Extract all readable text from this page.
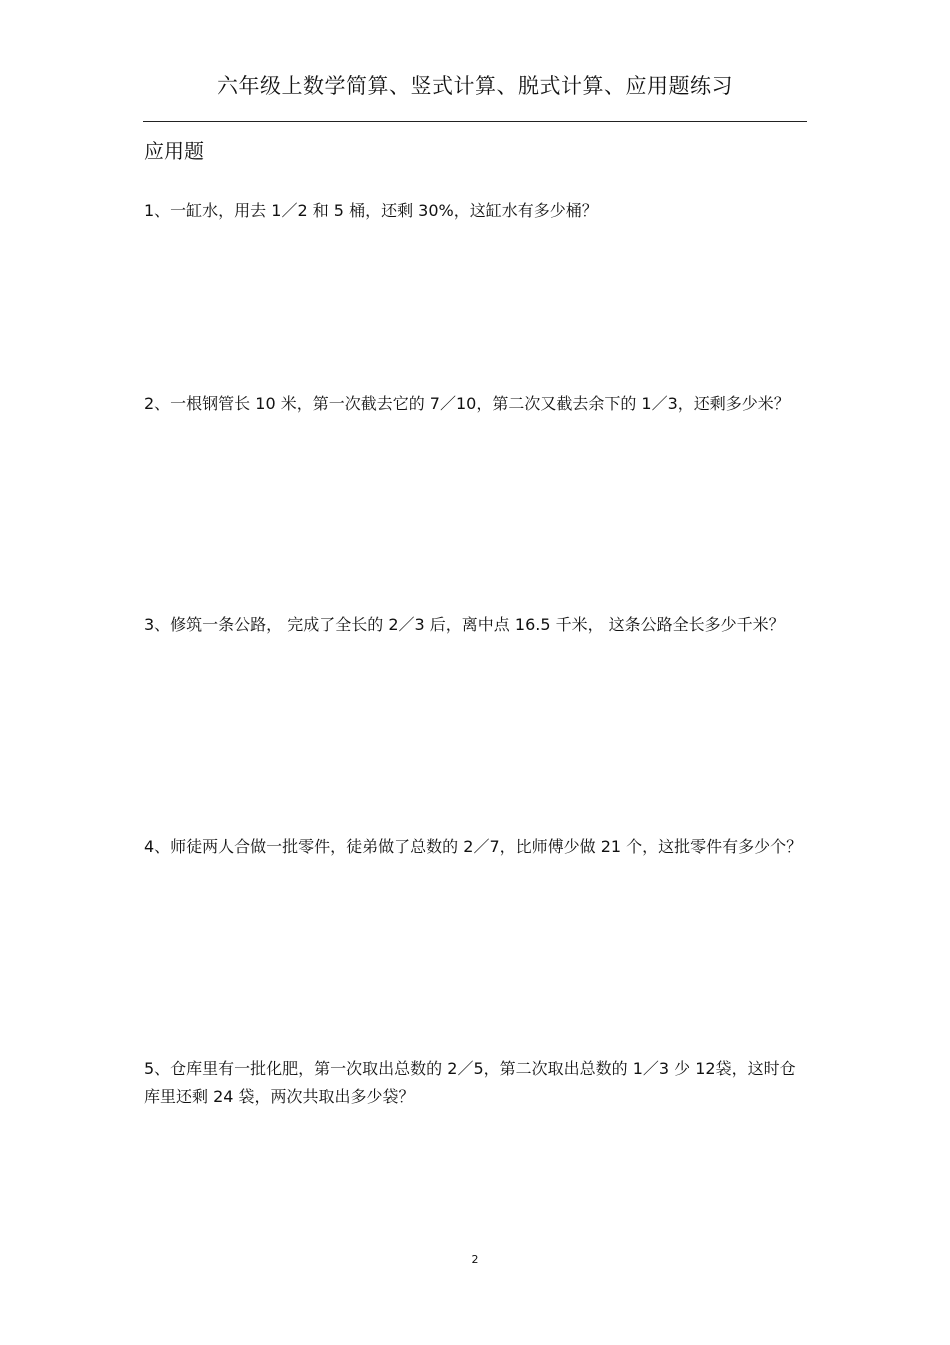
六年级上数学简算、竖式计算、脱式计算、应用题练习
应用题
1、一缸水，用去 1／2 和 5 桶，还剩 30%，这缸水有多少桶？
2、一根钢管长 10 米，第一次截去它的 7／10，第二次又截去余下的 1／3，还剩多少米？
3、修筑一条公路， 完成了全长的 2／3 后，离中点 16.5 千米， 这条公路全长多少千米？
4、师徒两人合做一批零件，徒弟做了总数的 2／7，比师傅少做 21 个，这批零件有多少个？
5、仓库里有一批化肥，第一次取出总数的 2／5，第二次取出总数的 1／3 少 12袋，这时仓库里还剩 24 袋，两次共取出多少袋？
2
